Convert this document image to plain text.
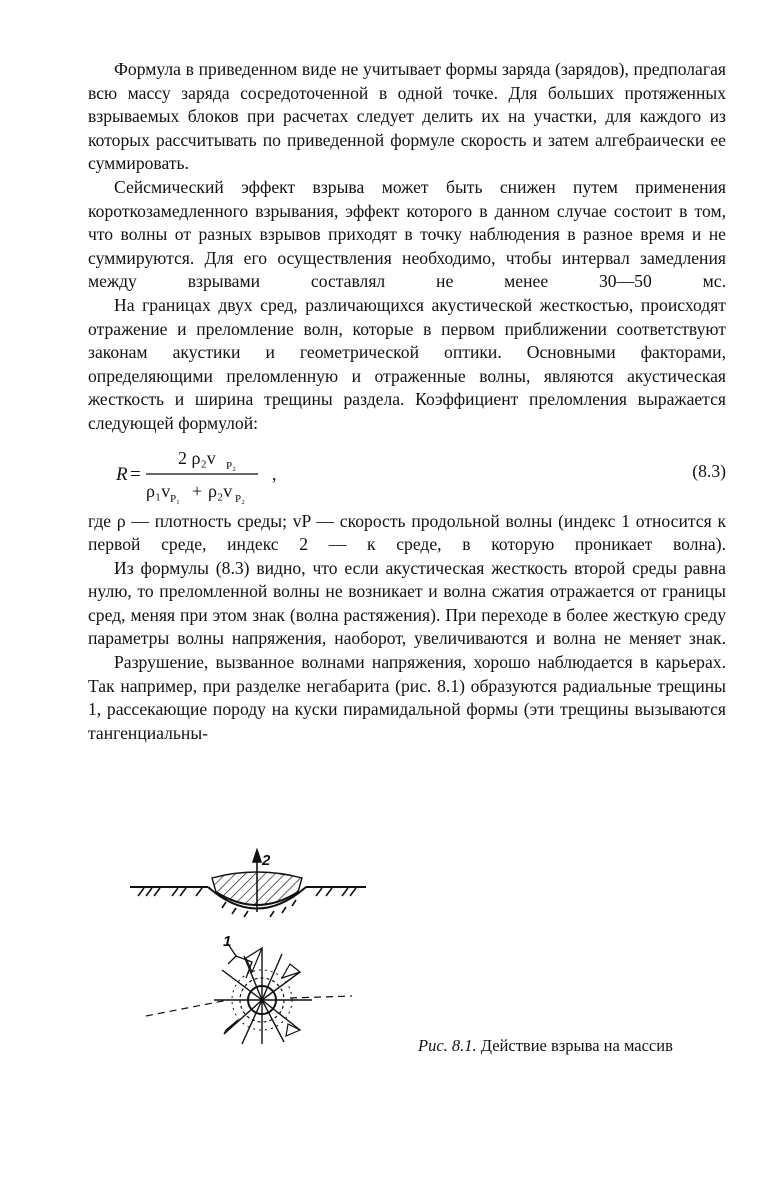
Формула в приведенном виде не учитывает формы заряда (зарядов), предполагая всю массу заряда сосредоточенной в одной точке. Для больших протяженных взрываемых блоков при расчетах следует делить их на участки, для каждого из которых рассчитывать по приведенной формуле скорость и затем алгебраически ее суммировать.

Сейсмический эффект взрыва может быть снижен путем применения короткозамедленного взрывания, эффект которого в данном случае состоит в том, что волны от разных взрывов приходят в точку наблюдения в разное время и не суммируются. Для его осуществления необходимо, чтобы интервал замедления между взрывами составлял не менее 30—50 мс.

На границах двух сред, различающихся акустической жесткостью, происходят отражение и преломление волн, которые в первом приближении соответствуют законам акустики и геометрической оптики. Основными факторами, определяющими преломленную и отраженные волны, являются акустическая жесткость и ширина трещины раздела. Коэффициент преломления выражается следующей формулой:

R =
2 ρ₂v P₂
ρ₁v P₁ + ρ₂v P₂
,	(8.3)

где ρ — плотность среды; vP — скорость продольной волны (индекс 1 относится к первой среде, индекс 2 — к среде, в которую проникает волна).

Из формулы (8.3) видно, что если акустическая жесткость второй среды равна нулю, то преломленной волны не возникает и волна сжатия отражается от границы сред, меняя при этом знак (волна растяжения). При переходе в более жесткую среду параметры волны напряжения, наоборот, увеличиваются и волна не меняет знак.

Разрушение, вызванное волнами напряжения, хорошо наблюдается в карьерах. Так например, при разделке негабарита (рис. 8.1) образуются радиальные трещины 1, рассекающие породу на куски пирамидальной формы (эти трещины вызываются тангенциальны-

2
1
Рис. 8.1. Действие взрыва на массив
